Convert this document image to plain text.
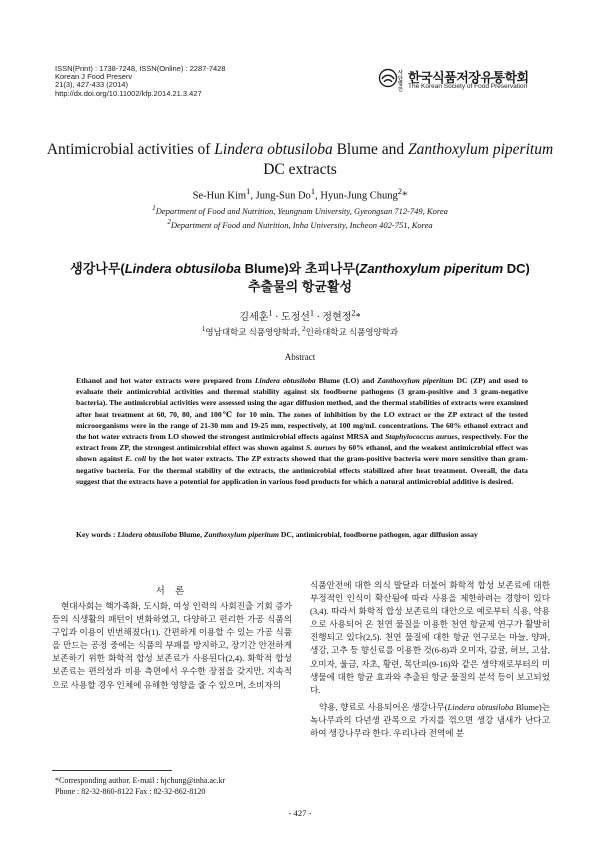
ISSN(Print) : 1738-7248, ISSN(Online) : 2287-7428
Korean J Food Preserv
21(3), 427-433 (2014)
http://dx.doi.org/10.11002/kfp.2014.21.3.427
사단법인
한국식품저장유통학회
The Korean Society of Food Preservation
Antimicrobial activities of Lindera obtusiloba Blume and Zanthoxylum piperitum DC extracts
Se-Hun Kim$^1$, Jung-Sun Do$^1$, Hyun-Jung Chung$^2$*
$^1$Department of Food and Nutrition, Yeungnam University, Gyeongsan 712-749, Korea
$^2$Department of Food and Nutrition, Inha University, Incheon 402-751, Korea
생강나무(Lindera obtusiloba Blume)와 초피나무(Zanthoxylum piperitum DC)
추출물의 항균활성
김세훈$^1$ · 도정선$^1$ · 정현정$^2$*
$^1$영남대학교 식품영양학과, $^2$인하대학교 식품영양학과
Abstract
Ethanol and hot water extracts were prepared from Lindera obtusiloba Blume (LO) and Zanthoxylum piperitum DC (ZP) and used to evaluate their antimicrobial activities and thermal stability against six foodborne pathogens (3 gram-positive and 3 gram-negative bacteria). The antimicrobial activities were assessed using the agar diffusion method, and the thermal stabilities of extracts were examined after heat treatment at 60, 70, 80, and 100℃ for 10 min. The zones of inhibition by the LO extract or the ZP extract of the tested microorganisms were in the range of 21-30 mm and 19-25 mm, respectively, at 100 mg/mL concentrations. The 60% ethanol extract and the hot water extracts from LO showed the strongest antimicrobial effects against MRSA and Staphylococcus aurues, respectively. For the extract from ZP, the strongest antimicrobial effect was shown against S. aurues by 60% ethanol, and the weakest antimicrobial effect was shown against E. coli by the hot water extracts. The ZP extracts showed that the gram-positive bacteria were more sensitive than gram-negative bacteria. For the thermal stability of the extracts, the antimicrobial effects stabilized after heat treatment. Overall, the data suggest that the extracts have a potential for application in various food products for which a natural antimicrobial additive is desired.
Key words : Lindera obtusiloba Blume, Zanthoxylum piperitum DC, antimicrobial, foodborne pathogen, agar diffusion assay
서 론
현대사회는 핵가족화, 도시화, 여성 인력의 사회진출 기회 증가 등의 식생활의 패턴이 변화하였고, 다양하고 편리한 가공 식품의 구입과 이용이 빈번해졌다(1). 간편하게 이용할 수 있는 가공 식품을 만드는 공정 중에는 식품의 부패를 방지하고, 장기간 안전하게 보존하기 위한 화학적 합성 보존료가 사용된다(2,4). 화학적 합성 보존료는 편의성과 비용 측면에서 우수한 장점을 갖지만, 지속적으로 사용할 경우 인체에 유해한 영향을 줄 수 있으며, 소비자의

식품안전에 대한 의식 발달과 더불어 화학적 합성 보존료에 대한 부정적인 인식이 확산됨에 따라 사용을 제한하려는 경향이 있다(3,4). 따라서 화학적 합성 보존료의 대안으로 예로부터 식용, 약용으로 사용되어 온 천연 물질을 이용한 천연 항균제 연구가 활발히 진행되고 있다(2,5). 천연 물질에 대한 항균 연구로는 마늘, 양파, 생강, 고추 등 향신료를 이용한 것(6-8)과 오미자, 감귤, 허브, 고삼, 오미자, 울금, 자초, 황련, 목단피(9-16)와 같은 생약재로부터의 미생물에 대한 항균 효과와 추출된 항균 물질의 분석 등이 보고되었다.

약용, 향료로 사용되어온 생강나무(Lindera obtusiloba Blume)는 녹나무과의 다년생 관목으로 가지를 꺾으면 생강 냄새가 난다고 하여 생강나무라 한다. 우리나라 전역에 분

*Corresponding author. E-mail : hjchung@inha.ac.kr
Phone : 82-32-860-8122 Fax : 82-32-862-8120
- 427 -
